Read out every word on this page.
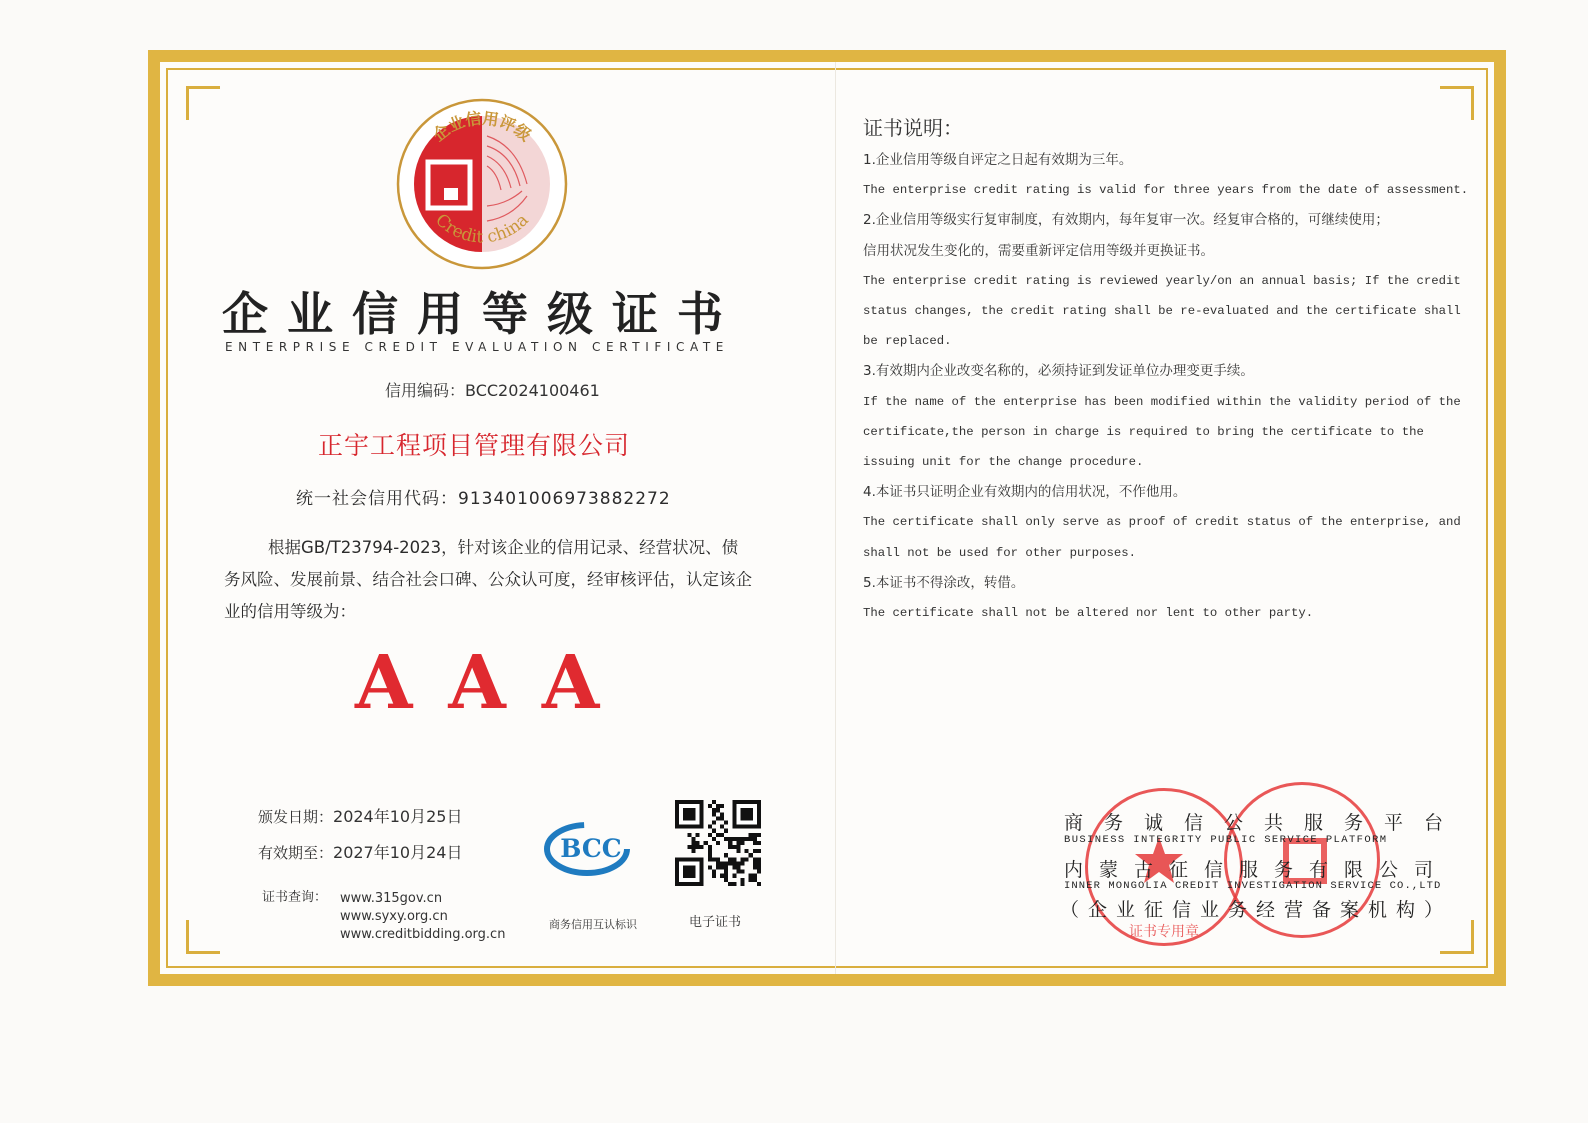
企业信用评级
Credit china
企业信用等级证书
ENTERPRISE CREDIT EVALUATION CERTIFICATE
信用编码：BCC2024100461
正宇工程项目管理有限公司
统一社会信用代码：91340100697388227​2
根据GB/T23794-2023，针对该企业的信用记录、经营状况、债务风险、发展前景、结合社会口碑、公众认可度，经审核评估，认定该企业的信用等级为：
AAA
颁发日期：2024年10月25日
有效期至：2027年10月24日
证书查询： www.315gov.cn
www.syxy.org.cn
www.creditbidding.org.cn
BCC
商务信用互认标识	电子证书
证书说明：
1.企业信用等级自评定之日起有效期为三年。
The enterprise credit rating is valid for three years from the date of assessment.
2.企业信用等级实行复审制度，有效期内，每年复审一次。经复审合格的，可继续使用；
信用状况发生变化的，需要重新评定信用等级并更换证书。
The enterprise credit rating is reviewed yearly/on an annual basis; If the credit
status changes, the credit rating shall be re-evaluated and the certificate shall
be replaced.
3.有效期内企业改变名称的，必须持证到发证单位办理变更手续。
If the name of the enterprise has been modified within the validity period of the
certificate,the person in charge is required to bring the certificate to the
issuing unit for the change procedure.
4.本证书只证明企业有效期内的信用状况，不作他用。
The certificate shall only serve as proof of credit status of the enterprise, and
shall not be used for other purposes.
5.本证书不得涂改，转借。
The certificate shall not be altered nor lent to other party.
证书专用章
商务诚信公共服务平台
BUSINESS INTEGRITY PUBLIC SERVICE PLATFORM
内蒙古征信服务有限公司
INNER MONGOLIA CREDIT INVESTIGATION SERVICE CO.,LTD
（企业征信业务经营备案机构）
